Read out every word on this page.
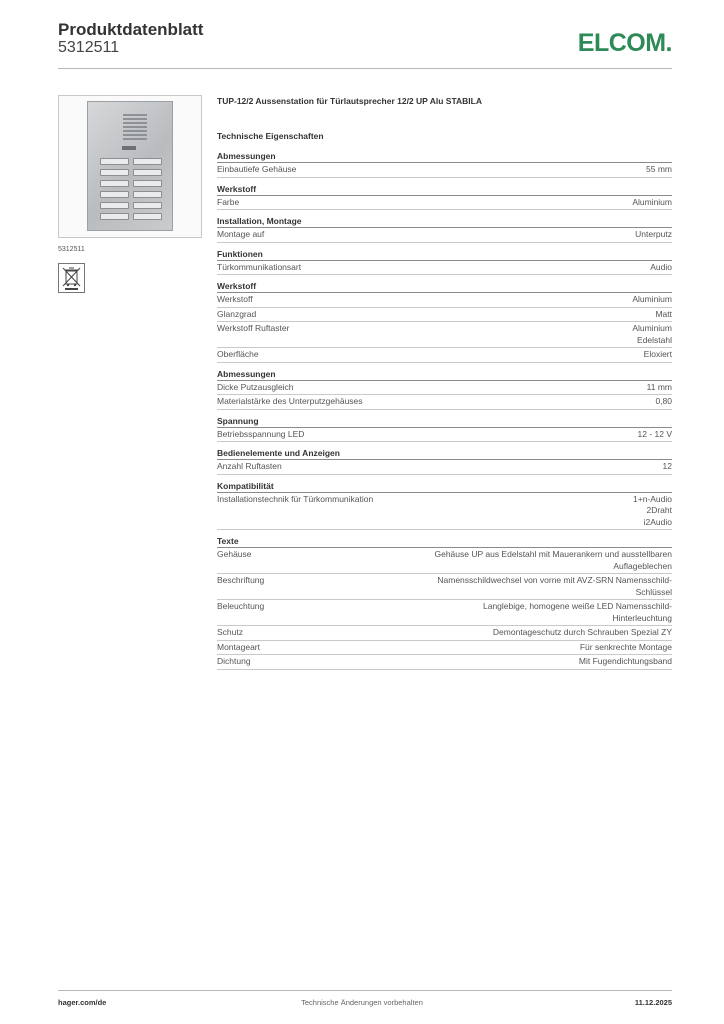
Produktdatenblatt
5312511	ELCOM.
5312511
TUP-12/2 Aussenstation für Türlautsprecher 12/2 UP Alu STABILA
Technische Eigenschaften
Abmessungen
Einbautiefe Gehäuse	55 mm
Werkstoff
Farbe	Aluminium
Installation, Montage
Montage auf	Unterputz
Funktionen
Türkommunikationsart	Audio
Werkstoff
Werkstoff	Aluminium
Glanzgrad	Matt
Werkstoff Ruftaster	Aluminium
Edelstahl
Oberfläche	Eloxiert
Abmessungen
Dicke Putzausgleich	11 mm
Materialstärke des Unterputzgehäuses	0,80
Spannung
Betriebsspannung LED	12 - 12 V
Bedienelemente und Anzeigen
Anzahl Ruftasten	12
Kompatibilität
Installationstechnik für Türkommunikation	1+n-Audio
2Draht
i2Audio
Texte
Gehäuse	Gehäuse UP aus Edelstahl mit Mauerankern und ausstellbaren
Auflageblechen
Beschriftung	Namensschildwechsel von vorne mit AVZ-SRN Namensschild-
Schlüssel
Beleuchtung	Langlebige, homogene weiße LED Namensschild-
Hinterleuchtung
Schutz	Demontageschutz durch Schrauben Spezial ZY
Montageart	Für senkrechte Montage
Dichtung	Mit Fugendichtungsband
hager.com/de	Technische Änderungen vorbehalten	11.12.2025
